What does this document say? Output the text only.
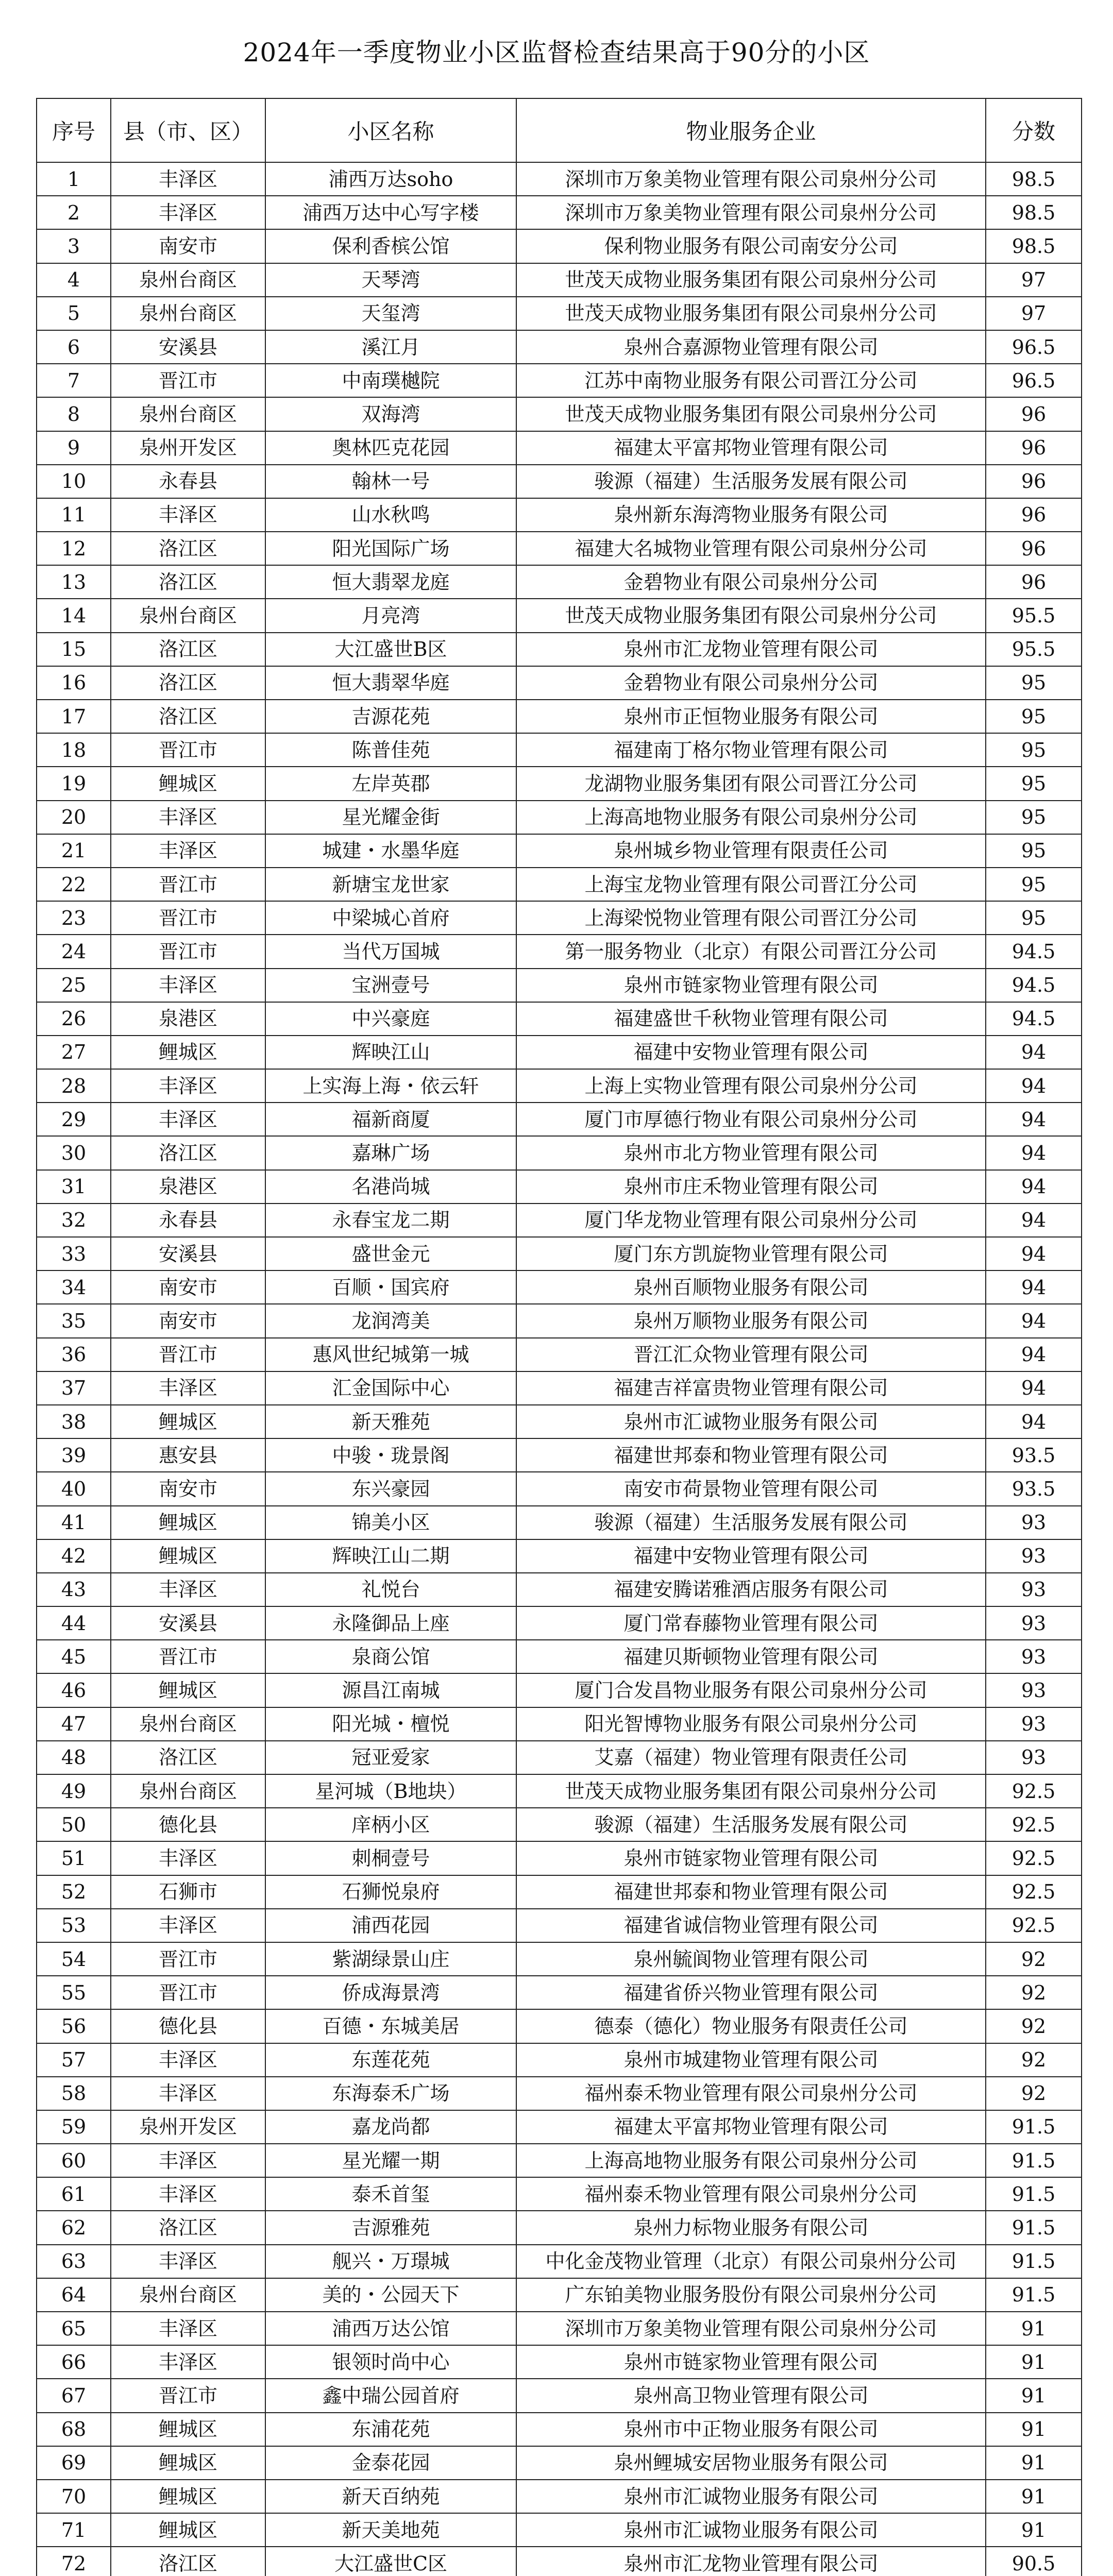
2024年一季度物业小区监督检查结果高于90分的小区
序号	县（市、区）	小区名称	物业服务企业	分数
1	丰泽区	浦西万达soho	深圳市万象美物业管理有限公司泉州分公司	98.5
2	丰泽区	浦西万达中心写字楼	深圳市万象美物业管理有限公司泉州分公司	98.5
3	南安市	保利香槟公馆	保利物业服务有限公司南安分公司	98.5
4	泉州台商区	天琴湾	世茂天成物业服务集团有限公司泉州分公司	97
5	泉州台商区	天玺湾	世茂天成物业服务集团有限公司泉州分公司	97
6	安溪县	溪江月	泉州合嘉源物业管理有限公司	96.5
7	晋江市	中南璞樾院	江苏中南物业服务有限公司晋江分公司	96.5
8	泉州台商区	双海湾	世茂天成物业服务集团有限公司泉州分公司	96
9	泉州开发区	奥林匹克花园	福建太平富邦物业管理有限公司	96
10	永春县	翰林一号	骏源（福建）生活服务发展有限公司	96
11	丰泽区	山水秋鸣	泉州新东海湾物业服务有限公司	96
12	洛江区	阳光国际广场	福建大名城物业管理有限公司泉州分公司	96
13	洛江区	恒大翡翠龙庭	金碧物业有限公司泉州分公司	96
14	泉州台商区	月亮湾	世茂天成物业服务集团有限公司泉州分公司	95.5
15	洛江区	大江盛世B区	泉州市汇龙物业管理有限公司	95.5
16	洛江区	恒大翡翠华庭	金碧物业有限公司泉州分公司	95
17	洛江区	吉源花苑	泉州市正恒物业服务有限公司	95
18	晋江市	陈普佳苑	福建南丁格尔物业管理有限公司	95
19	鲤城区	左岸英郡	龙湖物业服务集团有限公司晋江分公司	95
20	丰泽区	星光耀金街	上海高地物业服务有限公司泉州分公司	95
21	丰泽区	城建・水墨华庭	泉州城乡物业管理有限责任公司	95
22	晋江市	新塘宝龙世家	上海宝龙物业管理有限公司晋江分公司	95
23	晋江市	中梁城心首府	上海梁悦物业管理有限公司晋江分公司	95
24	晋江市	当代万国城	第一服务物业（北京）有限公司晋江分公司	94.5
25	丰泽区	宝洲壹号	泉州市链家物业管理有限公司	94.5
26	泉港区	中兴豪庭	福建盛世千秋物业管理有限公司	94.5
27	鲤城区	辉映江山	福建中安物业管理有限公司	94
28	丰泽区	上实海上海・依云轩	上海上实物业管理有限公司泉州分公司	94
29	丰泽区	福新商厦	厦门市厚德行物业有限公司泉州分公司	94
30	洛江区	嘉琳广场	泉州市北方物业管理有限公司	94
31	泉港区	名港尚城	泉州市庄禾物业管理有限公司	94
32	永春县	永春宝龙二期	厦门华龙物业管理有限公司泉州分公司	94
33	安溪县	盛世金元	厦门东方凯旋物业管理有限公司	94
34	南安市	百顺・国宾府	泉州百顺物业服务有限公司	94
35	南安市	龙润湾美	泉州万顺物业服务有限公司	94
36	晋江市	惠风世纪城第一城	晋江汇众物业管理有限公司	94
37	丰泽区	汇金国际中心	福建吉祥富贵物业管理有限公司	94
38	鲤城区	新天雅苑	泉州市汇诚物业服务有限公司	94
39	惠安县	中骏・珑景阁	福建世邦泰和物业管理有限公司	93.5
40	南安市	东兴豪园	南安市荷景物业管理有限公司	93.5
41	鲤城区	锦美小区	骏源（福建）生活服务发展有限公司	93
42	鲤城区	辉映江山二期	福建中安物业管理有限公司	93
43	丰泽区	礼悦台	福建安腾诺雅酒店服务有限公司	93
44	安溪县	永隆御品上座	厦门常春藤物业管理有限公司	93
45	晋江市	泉商公馆	福建贝斯顿物业管理有限公司	93
46	鲤城区	源昌江南城	厦门合发昌物业服务有限公司泉州分公司	93
47	泉州台商区	阳光城・檀悦	阳光智博物业服务有限公司泉州分公司	93
48	洛江区	冠亚爱家	艾嘉（福建）物业管理有限责任公司	93
49	泉州台商区	星河城（B地块）	世茂天成物业服务集团有限公司泉州分公司	92.5
50	德化县	庠柄小区	骏源（福建）生活服务发展有限公司	92.5
51	丰泽区	刺桐壹号	泉州市链家物业管理有限公司	92.5
52	石狮市	石狮悦泉府	福建世邦泰和物业管理有限公司	92.5
53	丰泽区	浦西花园	福建省诚信物业管理有限公司	92.5
54	晋江市	紫湖绿景山庄	泉州毓阆物业管理有限公司	92
55	晋江市	侨成海景湾	福建省侨兴物业管理有限公司	92
56	德化县	百德・东城美居	德泰（德化）物业服务有限责任公司	92
57	丰泽区	东莲花苑	泉州市城建物业管理有限公司	92
58	丰泽区	东海泰禾广场	福州泰禾物业管理有限公司泉州分公司	92
59	泉州开发区	嘉龙尚都	福建太平富邦物业管理有限公司	91.5
60	丰泽区	星光耀一期	上海高地物业服务有限公司泉州分公司	91.5
61	丰泽区	泰禾首玺	福州泰禾物业管理有限公司泉州分公司	91.5
62	洛江区	吉源雅苑	泉州力标物业服务有限公司	91.5
63	丰泽区	舰兴・万璟城	中化金茂物业管理（北京）有限公司泉州分公司	91.5
64	泉州台商区	美的・公园天下	广东铂美物业服务股份有限公司泉州分公司	91.5
65	丰泽区	浦西万达公馆	深圳市万象美物业管理有限公司泉州分公司	91
66	丰泽区	银领时尚中心	泉州市链家物业管理有限公司	91
67	晋江市	鑫中瑞公园首府	泉州高卫物业管理有限公司	91
68	鲤城区	东浦花苑	泉州市中正物业服务有限公司	91
69	鲤城区	金泰花园	泉州鲤城安居物业服务有限公司	91
70	鲤城区	新天百纳苑	泉州市汇诚物业服务有限公司	91
71	鲤城区	新天美地苑	泉州市汇诚物业服务有限公司	91
72	洛江区	大江盛世C区	泉州市汇龙物业管理有限公司	90.5
